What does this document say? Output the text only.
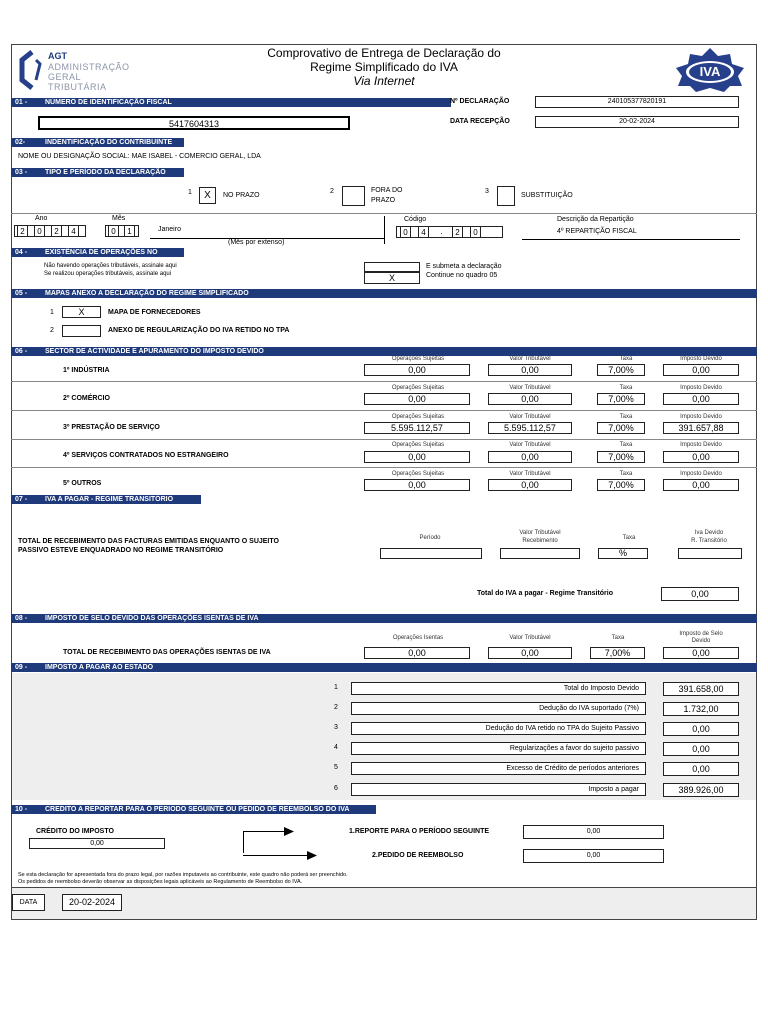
AGT
ADMINISTRAÇÃO
GERAL
TRIBUTÁRIA
Comprovativo de Entrega de Declaração do
Regime Simplificado do IVA
Via Internet
IVA
01 -	NÚMERO DE IDENTIFICAÇÃO FISCAL
5417604313
Nº DECLARAÇÃO	240105377820191
DATA RECEPÇÃO	20-02-2024
02-	INDENTIFICAÇÃO DO CONTRIBUINTE
NOME OU DESIGNAÇÃO SOCIAL: MAE ISABEL - COMERCIO GERAL, LDA
03 -	TIPO E PERÍODO DA DECLARAÇÃO
1	X	NO PRAZO
2	FORA DO
PRAZO
3
SUBSTITUIÇÃO
Ano	Mês
2	0	2	4	0	1	Janeiro
(Mês por extenso)
Código
0	4	.	2	0
Descrição da Repartição
4º REPARTIÇÃO FISCAL
04 -	EXISTÊNCIA DE OPERAÇÕES NO PERÍODO
Não havendo operações tributáveis, assinale aqui
Se realizou operações tributáveis, assinale aqui	X
E submeta a declaração
Continue no quadro 05
05 -	MAPAS ANEXO A DECLARAÇÃO DO REGIME SIMPLIFICADO
1	X	MAPA DE FORNECEDORES
2	ANEXO DE REGULARIZAÇÃO DO IVA RETIDO NO TPA
06 -	SECTOR DE ACTIVIDADE E APURAMENTO DO IMPOSTO DEVIDO
Operações Sujeitas	Valor Tributável	Taxa	Imposto Devido
1º INDÚSTRIA	0,00	0,00	7,00%	0,00
Operações Sujeitas	Valor Tributável	Taxa	Imposto Devido
2º COMÉRCIO	0,00	0,00	7,00%	0,00
Operações Sujeitas	Valor Tributável	Taxa	Imposto Devido
3º PRESTAÇÃO DE SERVIÇO	5.595.112,57	5.595.112,57	7,00%	391.657,88
Operações Sujeitas	Valor Tributável	Taxa	Imposto Devido
4º SERVIÇOS CONTRATADOS NO ESTRANGEIRO	0,00	0,00	7,00%	0,00
Operações Sujeitas	Valor Tributável	Taxa	Imposto Devido
5º OUTROS	0,00	0,00	7,00%	0,00
07 -	IVA A PAGAR - REGIME TRANSITÓRIO
TOTAL DE RECEBIMENTO DAS FACTURAS EMITIDAS ENQUANTO O SUJEITO
PASSIVO ESTEVE ENQUADRADO NO REGIME TRANSITÓRIO
Período
Valor Tributável
Recebimento	Taxa
Iva Devido
R. Transitório
%
Total do IVA a pagar - Regime Transitório	0,00
08 -	IMPOSTO DE SELO DEVIDO DAS OPERAÇÕES ISENTAS DE IVA
Operações Isentas	Valor Tributável	Taxa
Imposto de Selo
Devido
TOTAL DE RECEBIMENTO DAS OPERAÇÕES ISENTAS DE IVA	0,00	0,00	7,00%	0,00
09 -	IMPOSTO A PAGAR AO ESTADO
1	Total do Imposto Devido	391.658,00
2	Dedução do IVA suportado (7%)	1.732,00
3	Dedução do IVA retido no TPA do Sujeito Passivo	0,00
4	Regularizações a favor do sujeito passivo	0,00
5	Excesso de Crédito de períodos anteriores	0,00
6	Imposto a pagar	389.926,00
10 -	CREDITO A REPORTAR PARA O PERIODO SEGUINTE OU PEDIDO DE REEMBOLSO DO IVA
CRÉDITO DO IMPOSTO
0,00
1.REPORTE PARA O PERÍODO SEGUINTE	0,00
2.PEDIDO DE REEMBOLSO	0,00
Se esta declaração for apresentada fora do prazo legal, por razões imputaveis ao contribuinte, este quadro não poderá ser preenchido.
Os pedidos de reembolso deverão observar as disposições legais aplicáveis ao Regulamento de Reembolso do IVA.
DATA	20-02-2024
